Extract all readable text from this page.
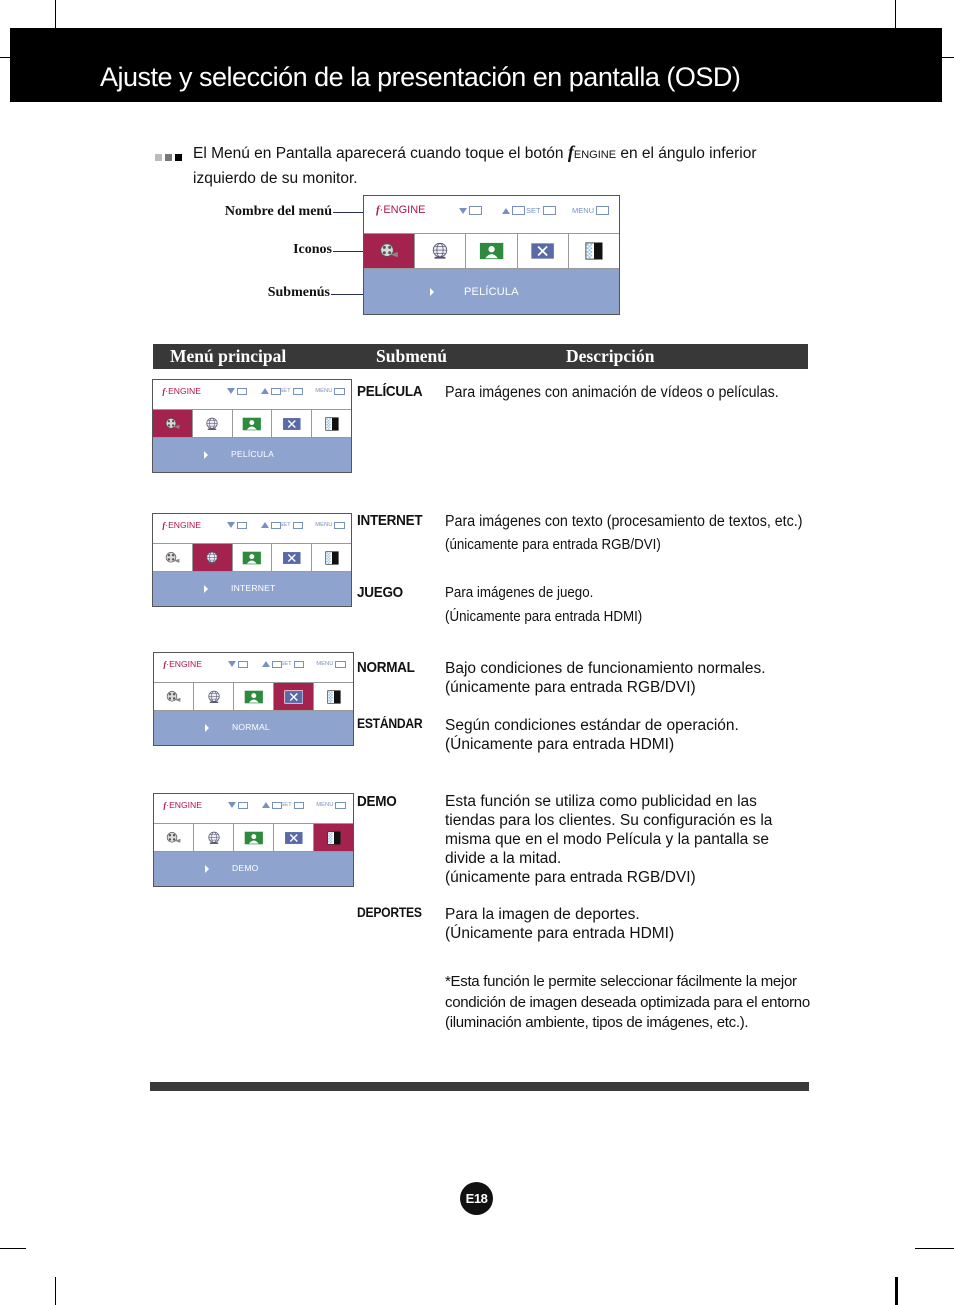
Ajuste y selección de la presentación en pantalla (OSD)
El Menú en Pantalla aparecerá cuando toque el botón fENGINE en el ángulo inferior izquierdo de su monitor.
Nombre del menú
Iconos
Submenús
f·ENGINE	SET	MENU
PELÍCULA
f·ENGINE	SET	MENU
PELÍCULA
f·ENGINE	SET	MENU
INTERNET
f·ENGINE	SET	MENU
NORMAL
f·ENGINE	SET	MENU
DEMO
Menú principal	Submenú	Descripción
PELÍCULA Para imágenes con animación de vídeos o películas.
INTERNET Para imágenes con texto (procesamiento de textos, etc.)
(únicamente para entrada RGB/DVI)
JUEGO	Para imágenes de juego.
(Únicamente para entrada HDMI)
NORMAL Bajo condiciones de funcionamiento normales.
(únicamente para entrada RGB/DVI)
ESTÁNDAR Según condiciones estándar de operación.
(Únicamente para entrada HDMI)
DEMO	Esta función se utiliza como publicidad en las
tiendas para los clientes. Su configuración es la
misma que en el modo Película y la pantalla se
divide a la mitad.
(únicamente para entrada RGB/DVI)
DEPORTES Para la imagen de deportes.
(Únicamente para entrada HDMI)
*Esta función le permite seleccionar fácilmente la mejor condición de imagen deseada optimizada para el entorno (iluminación ambiente, tipos de imágenes, etc.).
E18
